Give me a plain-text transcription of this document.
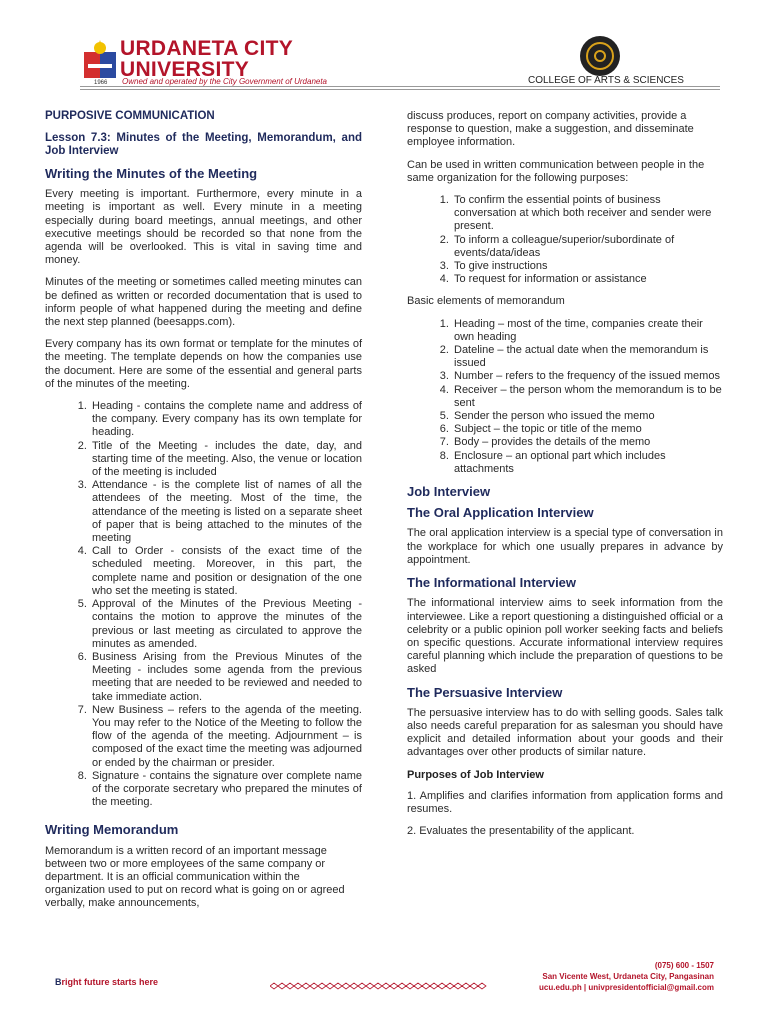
1966
URDANETA CITY
UNIVERSITY
Owned and operated by the City Government of Urdaneta	COLLEGE OF ARTS & SCIENCES

PURPOSIVE COMMUNICATION

Lesson 7.3: Minutes of the Meeting, Memorandum, and Job Interview

Writing the Minutes of the Meeting

Every meeting is important. Furthermore, every minute in a meeting is important as well. Every minute in a meeting especially during board meetings, annual meetings, and other executive meetings should be recorded so that none from the agenda will be overlooked. This is vital in saving time and money.

Minutes of the meeting or sometimes called meeting minutes can be defined as written or recorded documentation that is used to inform people of what happened during the meeting and define the next step planned (beesapps.com).

Every company has its own format or template for the minutes of the meeting. The template depends on how the companies use the document. Here are some of the essential and general parts of the minutes of the meeting.

1. Heading - contains the complete name and address of the company. Every company has its own template for heading.
2. Title of the Meeting - includes the date, day, and starting time of the meeting. Also, the venue or location of the meeting is included
3. Attendance - is the complete list of names of all the attendees of the meeting. Most of the time, the attendance of the meeting is listed on a separate sheet of paper that is being attached to the minutes of the meeting
4. Call to Order - consists of the exact time of the scheduled meeting. Moreover, in this part, the complete name and position or designation of the one who set the meeting is stated.
5. Approval of the Minutes of the Previous Meeting - contains the motion to approve the minutes of the previous or last meeting as circulated to approve the minutes as amended.
6. Business Arising from the Previous Minutes of the Meeting - includes some agenda from the previous meeting that are needed to be reviewed and needed to take immediate action.
7. New Business – refers to the agenda of the meeting. You may refer to the Notice of the Meeting to follow the flow of the agenda of the meeting. Adjournment – is composed of the exact time the meeting was adjourned or ended by the chairman or presider.
8. Signature - contains the signature over complete name of the corporate secretary who prepared the minutes of the meeting.
Writing Memorandum

Memorandum is a written record of an important message between two or more employees of the same company or department. It is an official communication within the organization used to put on record what is going on or agreed verbally, make announcements,

discuss produces, report on company activities, provide a response to question, make a suggestion, and disseminate employee information.

Can be used in written communication between people in the same organization for the following purposes:

1. To confirm the essential points of business conversation at which both receiver and sender were present.
2. To inform a colleague/superior/subordinate of events/data/ideas
3. To give instructions
4. To request for information or assistance

Basic elements of memorandum

1. Heading – most of the time, companies create their own heading
2. Dateline – the actual date when the memorandum is issued
3. Number – refers to the frequency of the issued memos
4. Receiver – the person whom the memorandum is to be sent
5. Sender the person who issued the memo
6. Subject – the topic or title of the memo
7. Body – provides the details of the memo
8. Enclosure – an optional part which includes attachments
Job Interview
The Oral Application Interview

The oral application interview is a special type of conversation in the workplace for which one usually prepares in advance by appointment.

The Informational Interview

The informational interview aims to seek information from the interviewee. Like a report questioning a distinguished official or a celebrity or a public opinion poll worker seeking facts and beliefs on specific questions. Accurate informational interview requires careful planning which include the preparation of questions to be asked

The Persuasive Interview

The persuasive interview has to do with selling goods. Sales talk also needs careful preparation for as salesman you should have explicit and detailed information about your goods and their advantages over other products of similar nature.

Purposes of Job Interview

1. Amplifies and clarifies information from application forms and resumes.

2. Evaluates the presentability of the applicant.

Bright future starts here
(075) 600 - 1507
San Vicente West, Urdaneta City, Pangasinan
ucu.edu.ph | univpresidentofficial@gmail.com
